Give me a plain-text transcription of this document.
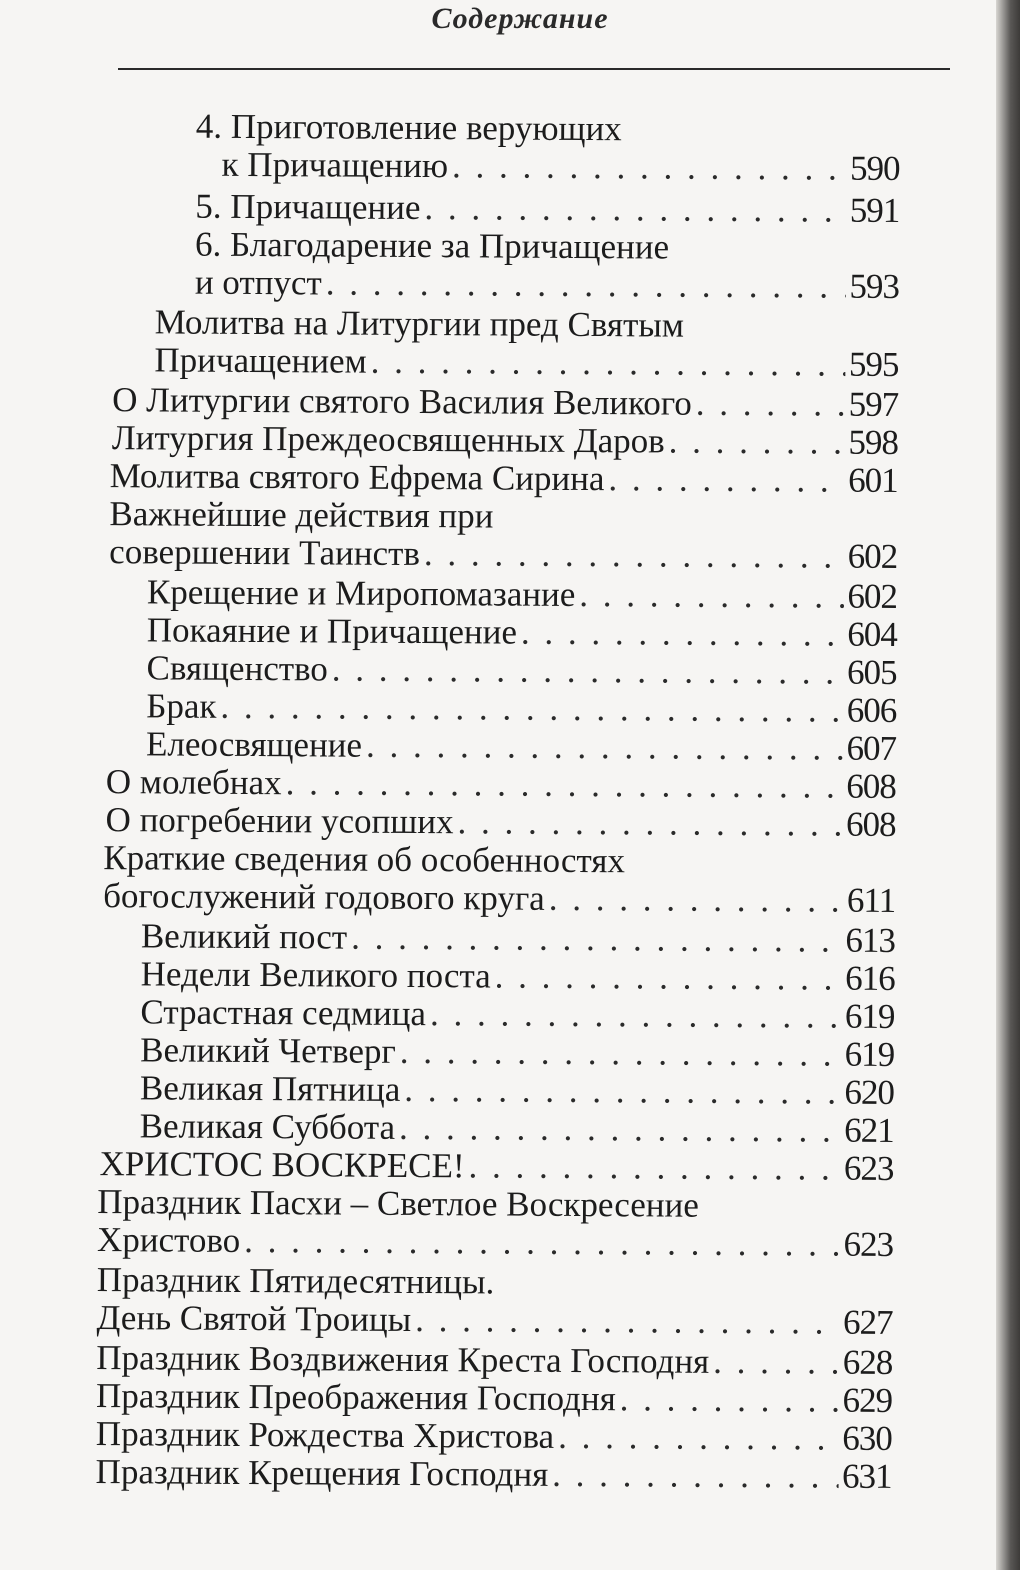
Содержание
4. Приготовление верующих
к Причащению . . .	590
5. Причащение . . .	591
6. Благодарение за Причащение
и отпуст . . .	593
Молитва на Литургии пред Святым
Причащением . . .	595
О Литургии святого Василия Великого . . .	597
Литургия Преждеосвященных Даров . . .	598
Молитва святого Ефрема Сирина . . .	601
Важнейшие действия при
совершении Таинств . . .	602
Крещение и Миропомазание . . .	602
Покаяние и Причащение . . .	604
Священство . . .	605
Брак . . .	606
Елеосвящение . . .	607
О молебнах . . .	608
О погребении усопших . . .	608
Краткие сведения об особенностях
богослужений годового круга . . .	611
Великий пост . . .	613
Недели Великого поста . . .	616
Страстная седмица . . .	619
Великий Четверг . . .	619
Великая Пятница . . .	620
Великая Суббота . . .	621
ХРИСТОС ВОСКРЕСЕ! . . .	623
Праздник Пасхи – Светлое Воскресение
Христово . . .	623
Праздник Пятидесятницы.
День Святой Троицы . . .	627
Праздник Воздвижения Креста Господня . . .	628
Праздник Преображения Господня . . .	629
Праздник Рождества Христова . . .	630
Праздник Крещения Господня . . .	631
